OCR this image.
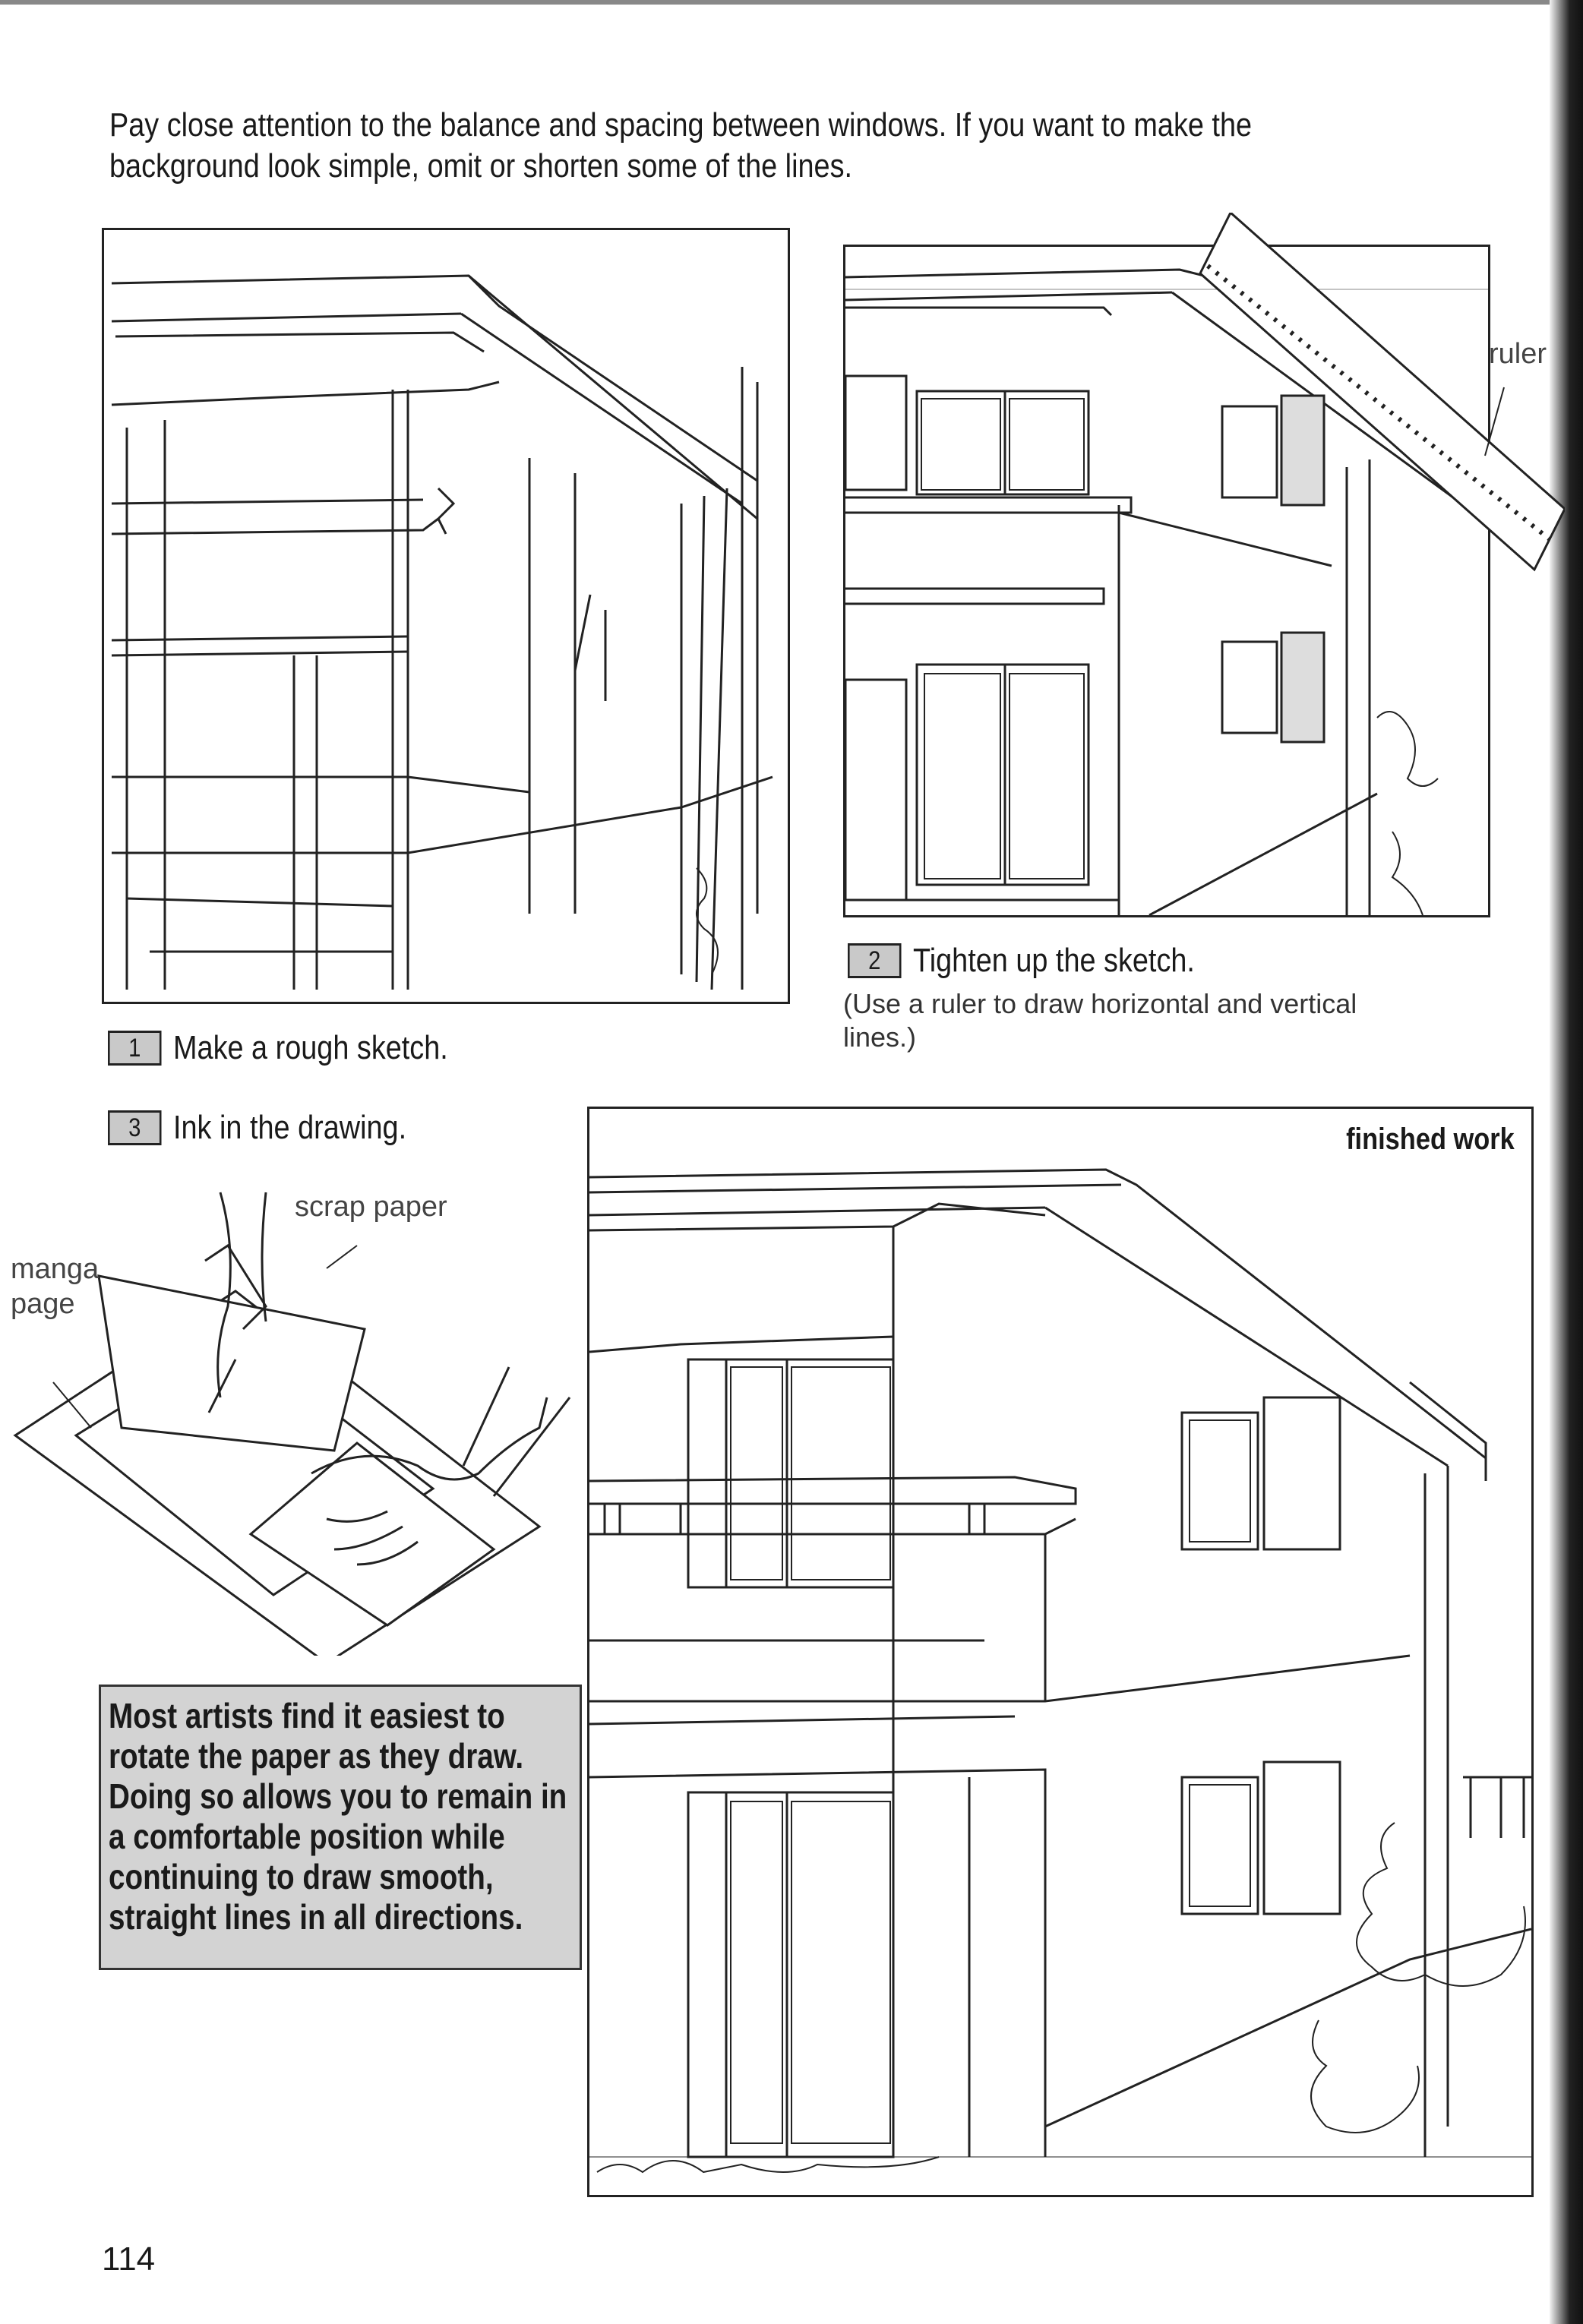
Pay close attention to the balance and spacing between windows. If you want to make the background look simple, omit or shorten some of the lines.
1 Make a rough sketch.
ruler
2 Tighten up the sketch.
(Use a ruler to draw horizontal and vertical lines.)
3 Ink in the drawing.
scrap paper
manga page
finished work
Most artists find it easiest to rotate the paper as they draw. Doing so allows you to remain in a comfortable position while continuing to draw smooth, straight lines in all directions.
114
